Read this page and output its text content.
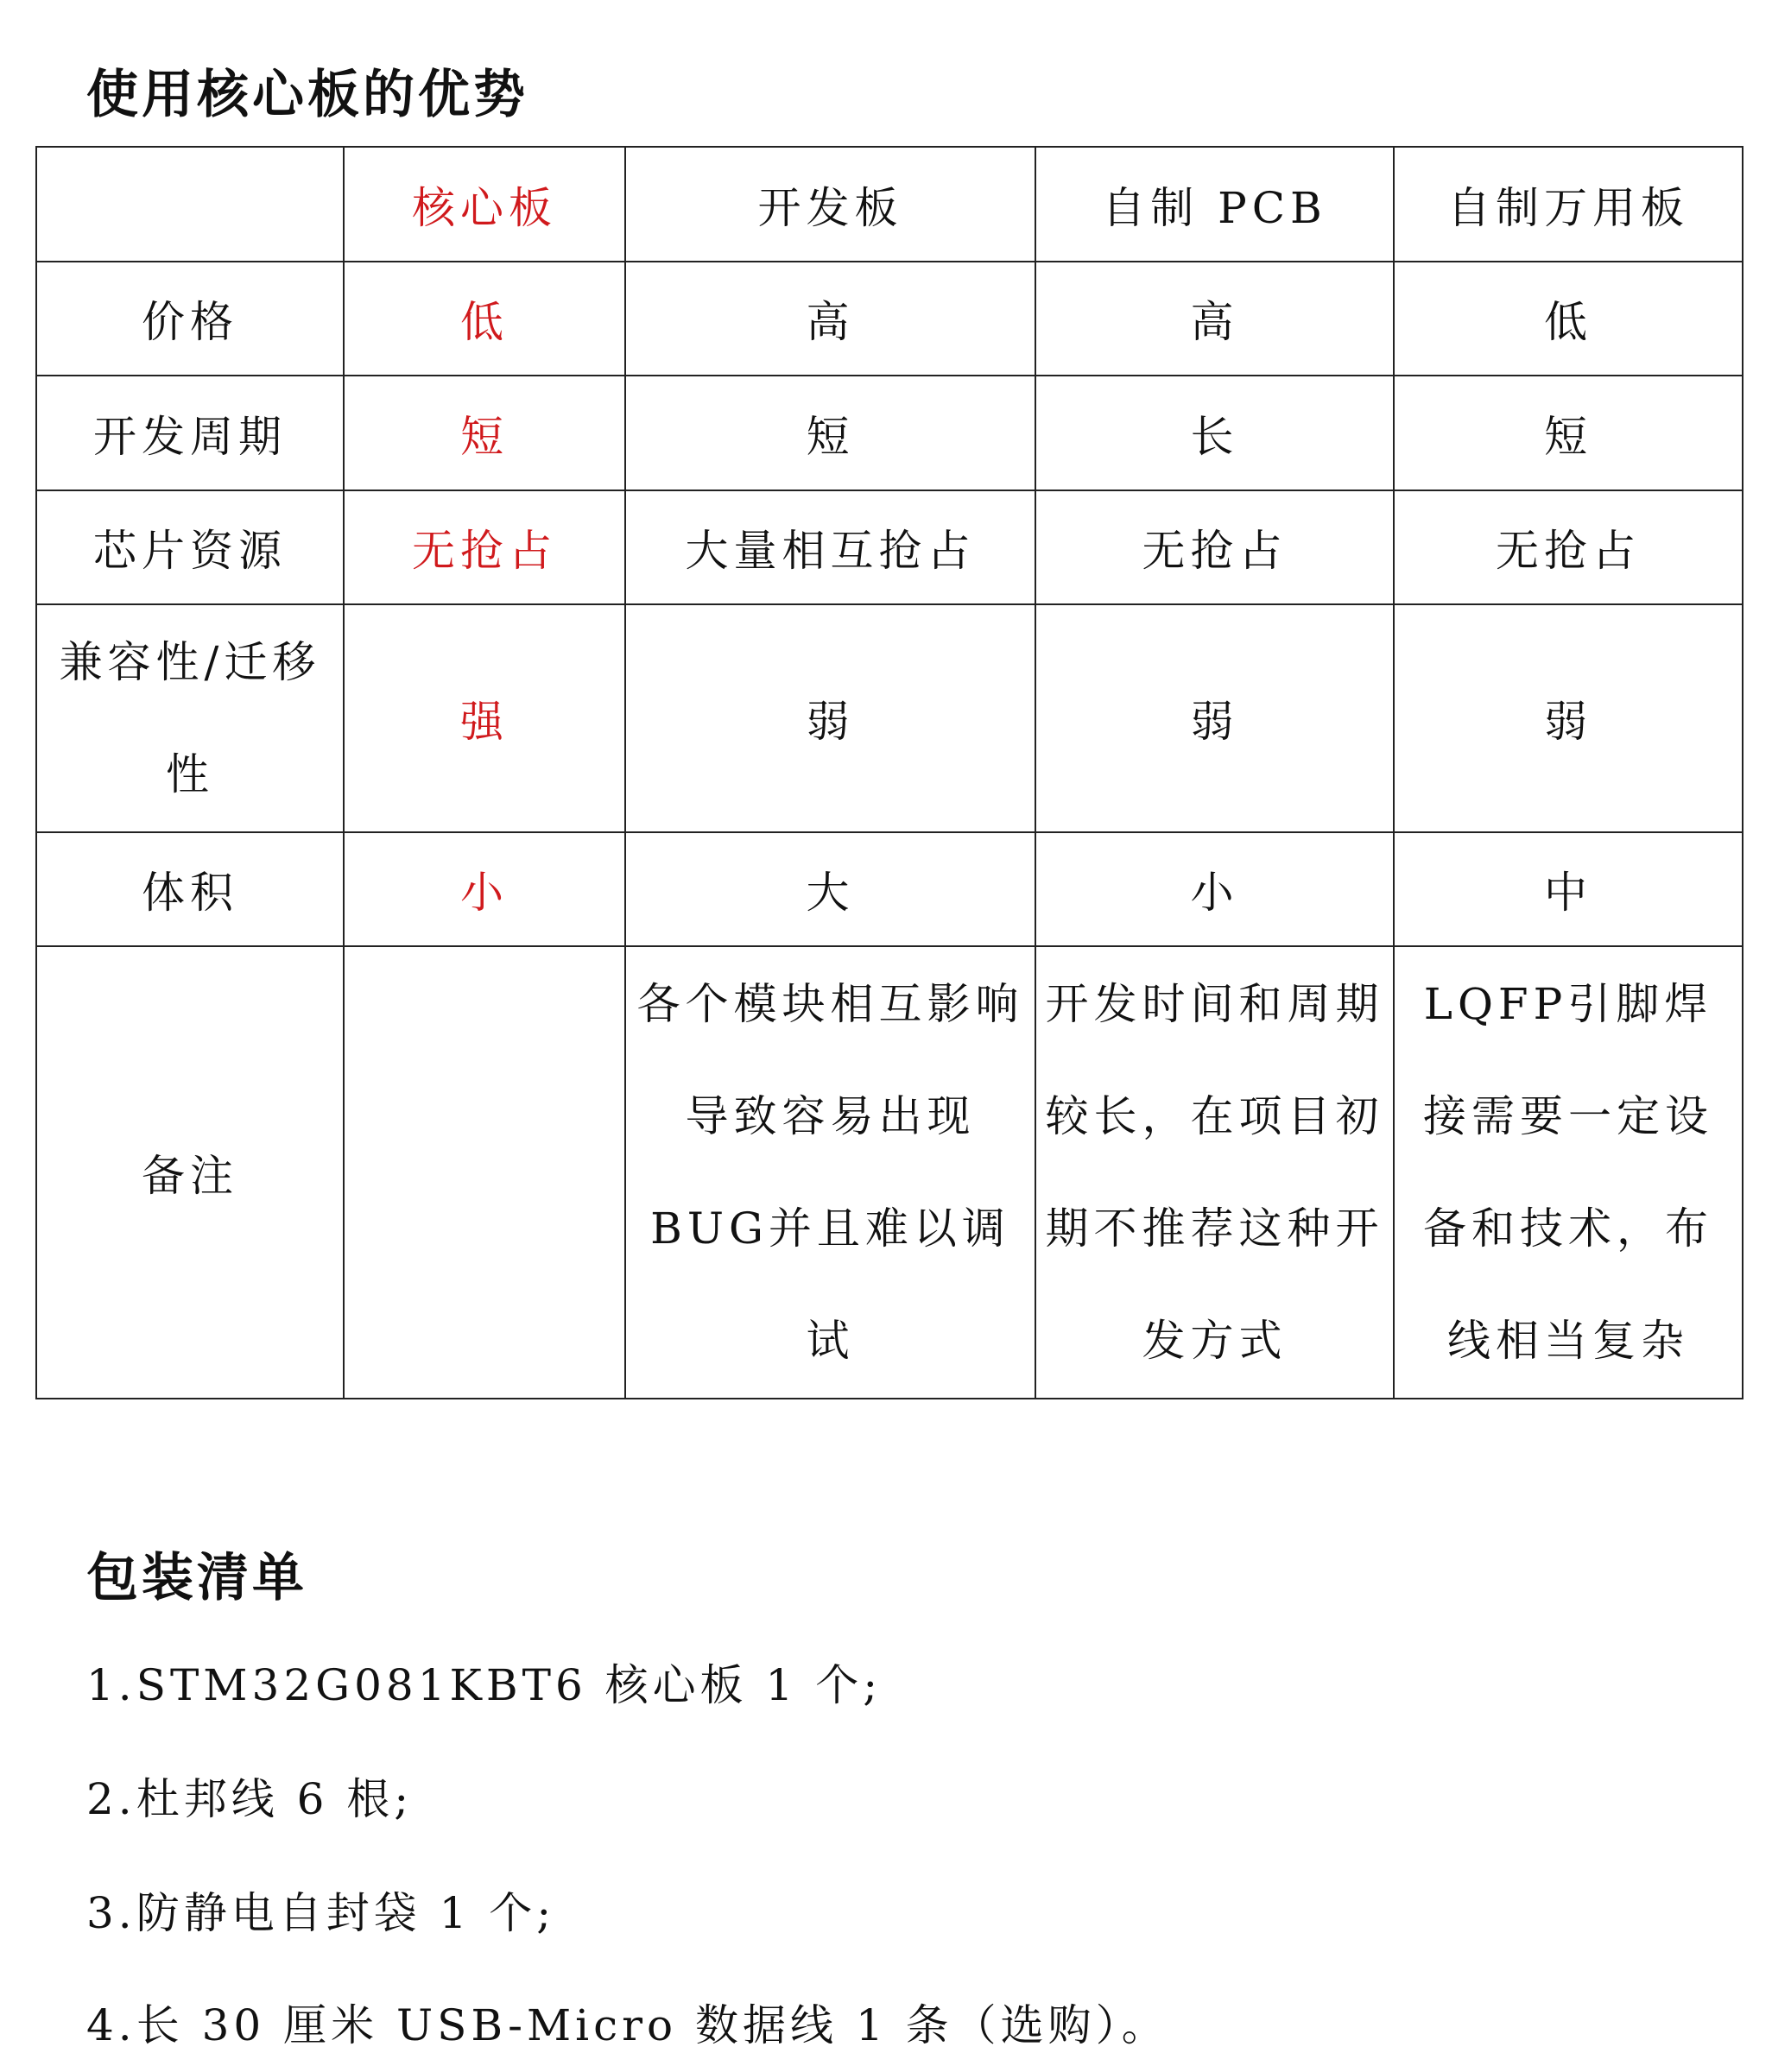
使用核心板的优势
	核心板	开发板	自制 PCB	自制万用板
价格	低	高	高	低
开发周期	短	短	长	短
芯片资源	无抢占	大量相互抢占	无抢占	无抢占
兼容性/迁移性	强	弱	弱	弱
体积	小	大	小	中
备注		各个模块相互影响导致容易出现BUG并且难以调试	开发时间和周期较长，在项目初期不推荐这种开发方式	LQFP引脚焊接需要一定设备和技术，布线相当复杂
包装清单

1.STM32G081KBT6 核心板 1 个;

2.杜邦线 6 根;

3.防静电自封袋 1 个;

4.长 30 厘米 USB-Micro 数据线 1 条（选购）。
